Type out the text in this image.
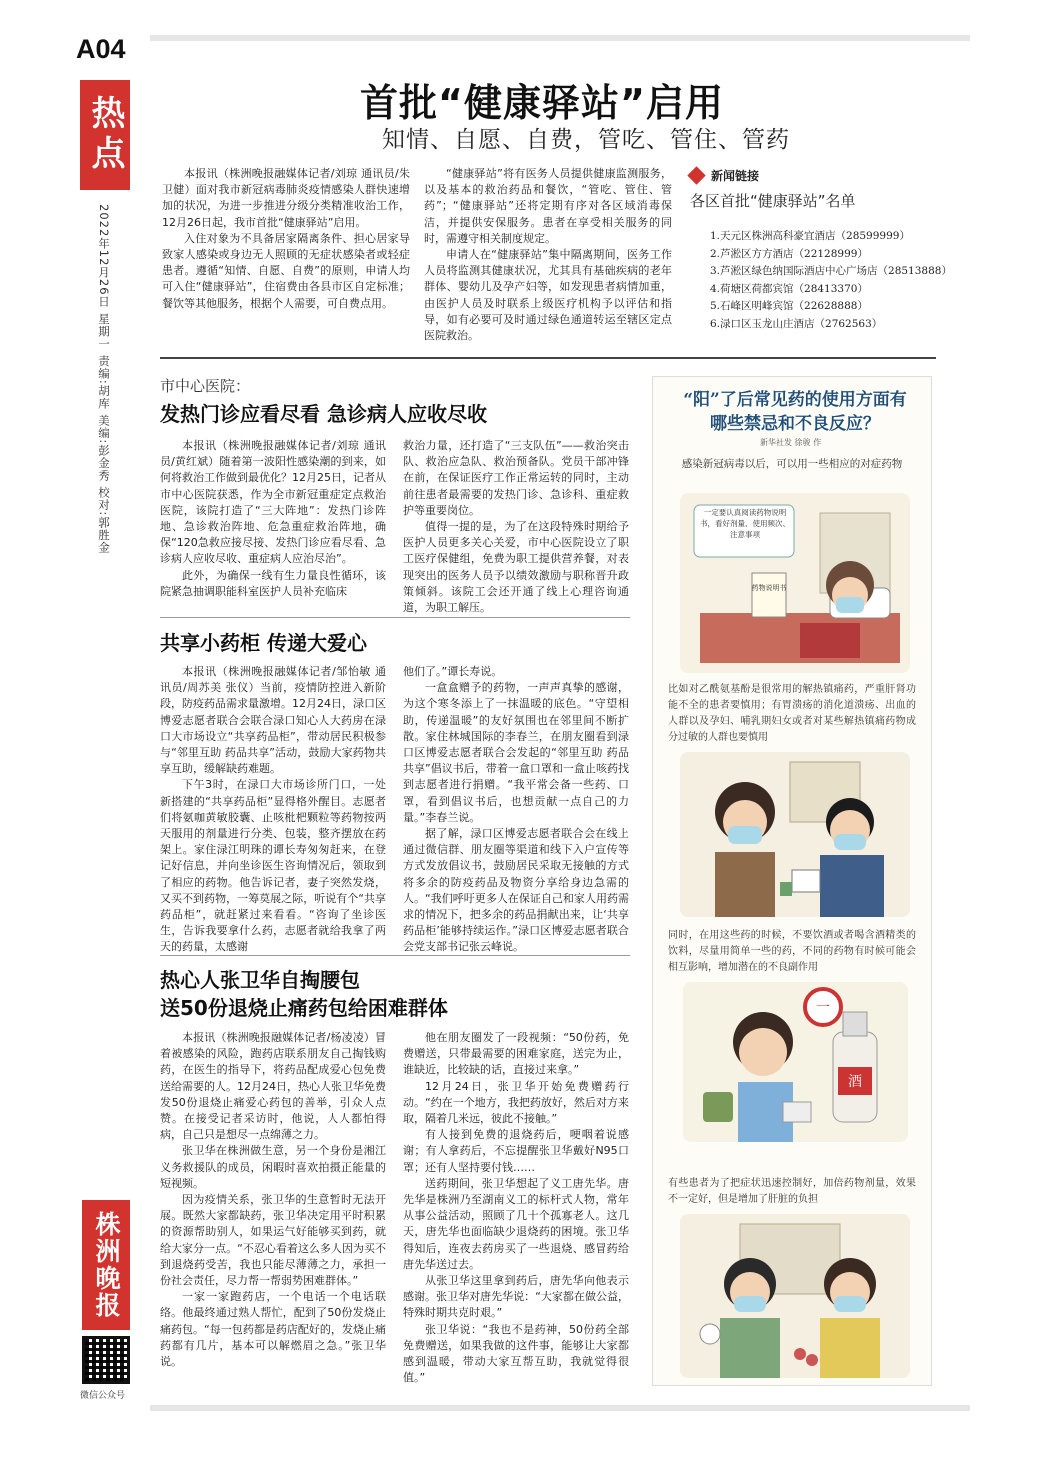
A04
热点
2022年12月26日 星期一 责编:胡库 美编:彭金秀 校对:郭胜金
首批“健康驿站”启用
知情、自愿、自费，管吃、管住、管药

本报讯（株洲晚报融媒体记者/刘琼 通讯员/朱卫健）面对我市新冠病毒肺炎疫情感染人群快速增加的状况，为进一步推进分级分类精准收治工作，12月26日起，我市首批“健康驿站”启用。

入住对象为不具备居家隔离条件、担心居家导致家人感染或身边无人照顾的无症状感染者或轻症患者。遵循“知情、自愿、自费”的原则，申请人均可入住“健康驿站”，住宿费由各县市区自定标准；餐饮等其他服务，根据个人需要，可自费点用。

“健康驿站”将有医务人员提供健康监测服务，以及基本的救治药品和餐饮，“管吃、管住、管药”；“健康驿站”还将定期有序对各区域消毒保洁，并提供安保服务。患者在享受相关服务的同时，需遵守相关制度规定。

申请人在“健康驿站”集中隔离期间，医务工作人员将监测其健康状况，尤其具有基础疾病的老年群体、婴幼儿及孕产妇等，如发现患者病情加重，由医护人员及时联系上级医疗机构予以评估和指导，如有必要可及时通过绿色通道转运至辖区定点医院救治。

新闻链接
各区首批“健康驿站”名单
1.天元区株洲高科豪宜酒店（28599999）
2.芦淞区方方酒店（22128999）
3.芦淞区绿色纳国际酒店中心广场店（28513888）
4.荷塘区荷都宾馆（28413370）
5.石峰区明峰宾馆（22628888）
6.渌口区玉龙山庄酒店（2762563）
市中心医院：
发热门诊应看尽看 急诊病人应收尽收

本报讯（株洲晚报融媒体记者/刘琼 通讯员/黄红斌）随着第一波阳性感染潮的到来，如何将救治工作做到最优化？12月25日，记者从市中心医院获悉，作为全市新冠重症定点救治医院，该院打造了“三大阵地”：发热门诊阵地、急诊救治阵地、危急重症救治阵地，确保“120急救应接尽接、发热门诊应看尽看、急诊病人应收尽收、重症病人应治尽治”。

此外，为确保一线有生力量良性循环，该院紧急抽调职能科室医护人员补充临床

救治力量，还打造了“三支队伍”——救治突击队、救治应急队、救治预备队。党员干部冲锋在前，在保证医疗工作正常运转的同时，主动前往患者最需要的发热门诊、急诊科、重症救护等重要岗位。

值得一提的是，为了在这段特殊时期给予医护人员更多关心关爱，市中心医院设立了职工医疗保健组，免费为职工提供营养餐，对表现突出的医务人员予以绩效激励与职称晋升政策倾斜。该院工会还开通了线上心理咨询通道，为职工解压。

共享小药柜 传递大爱心

本报讯（株洲晚报融媒体记者/邹怡敏 通讯员/周苏美 张仪）当前，疫情防控进入新阶段，防疫药品需求量激增。12月24日，渌口区博爱志愿者联合会联合渌口知心人大药房在渌口大市场设立“共享药品柜”，带动居民积极参与“邻里互助 药品共享”活动，鼓励大家药物共享互助，缓解缺药难题。

下午3时，在渌口大市场诊所门口，一处新搭建的“共享药品柜”显得格外醒目。志愿者们将氨咖黄敏胶囊、止咳枇杷颗粒等药物按两天服用的剂量进行分类、包装，整齐摆放在药架上。家住渌江明珠的谭长寿匆匆赶来，在登记好信息，并向坐诊医生咨询情况后，领取到了相应的药物。他告诉记者，妻子突然发烧，又买不到药物，一筹莫展之际，听说有个“共享药品柜”，就赶紧过来看看。“咨询了坐诊医生，告诉我要拿什么药，志愿者就给我拿了两天的药量，太感谢

他们了。”谭长寿说。

一盒盒赠予的药物，一声声真挚的感谢，为这个寒冬添上了一抹温暖的底色。“守望相助，传递温暖”的友好氛围也在邻里间不断扩散。家住林城国际的李春兰，在朋友圈看到渌口区博爱志愿者联合会发起的“邻里互助 药品共享”倡议书后，带着一盒口罩和一盒止咳药找到志愿者进行捐赠。“我平常会备一些药、口罩，看到倡议书后，也想贡献一点自己的力量。”李春兰说。

据了解，渌口区博爱志愿者联合会在线上通过微信群、朋友圈等渠道和线下入户宣传等方式发放倡议书，鼓励居民采取无接触的方式将多余的防疫药品及物资分享给身边急需的人。“我们呼吁更多人在保证自己和家人用药需求的情况下，把多余的药品捐献出来，让‘共享药品柜’能够持续运作。”渌口区博爱志愿者联合会党支部书记张云峰说。

热心人张卫华自掏腰包
送50份退烧止痛药包给困难群体

本报讯（株洲晚报融媒体记者/杨凌凌）冒着被感染的风险，跑药店联系朋友自己掏钱购药，在医生的指导下，将药品配成爱心包免费送给需要的人。12月24日，热心人张卫华免费发50份退烧止痛爱心药包的善举，引众人点赞。在接受记者采访时，他说，人人都怕得病，自己只是想尽一点绵薄之力。

张卫华在株洲做生意，另一个身份是湘江义务救援队的成员，闲暇时喜欢拍摄正能量的短视频。

因为疫情关系，张卫华的生意暂时无法开展。既然大家都缺药，张卫华决定用平时积累的资源帮助别人，如果运气好能够买到药，就给大家分一点。“不忍心看着这么多人因为买不到退烧药受苦，我也只能尽薄薄之力，承担一份社会责任，尽力帮一帮弱势困难群体。”

一家一家跑药店，一个电话一个电话联络。他最终通过熟人帮忙，配到了50份发烧止痛药包。“每一包药都是药店配好的，发烧止痛药都有几片，基本可以解燃眉之急。”张卫华说。

他在朋友圈发了一段视频：“50份药，免费赠送，只带最需要的困难家庭，送完为止，谁缺近，比较缺的话，直接过来拿。”

12月24日，张卫华开始免费赠药行动。“约在一个地方，我把药放好，然后对方来取，隔着几米远，彼此不接触。”

有人接到免费的退烧药后，哽咽着说感谢；有人拿药后，不忘提醒张卫华戴好N95口罩；还有人坚持要付钱……

送药期间，张卫华想起了义工唐先华。唐先华是株洲乃至湖南义工的标杆式人物，常年从事公益活动，照顾了几十个孤寡老人。这几天，唐先华也面临缺少退烧药的困境。张卫华得知后，连夜去药房买了一些退烧、感冒药给唐先华送过去。

从张卫华这里拿到药后，唐先华向他表示感谢。张卫华对唐先华说：“大家都在做公益，特殊时期共克时艰。”

张卫华说：“我也不是药神，50份药全部免费赠送，如果我做的这件事，能够让大家都感到温暖，带动大家互帮互助，我就觉得很值。”

“阳”了后常见药的使用方面有哪些禁忌和不良反应？
新华社发 徐骏 作
感染新冠病毒以后，可以用一些相应的对症药物
药物说明书
一定要认真阅读药物说明书，看好剂量、使用频次、注意事项
比如对乙酰氨基酚是很常用的解热镇痛药，严重肝肾功能不全的患者要慎用；有胃溃疡的消化道溃疡、出血的人群以及孕妇、哺乳期妇女或者对某些解热镇痛药物成分过敏的人群也要慎用
同时，在用这些药的时候，不要饮酒或者喝含酒精类的饮料，尽量用简单一些的药，不同的药物有时候可能会相互影响，增加潜在的不良副作用
酒
一
有些患者为了把症状迅速控制好，加倍药物剂量，效果不一定好，但是增加了肝脏的负担
株洲晚报
微信公众号
